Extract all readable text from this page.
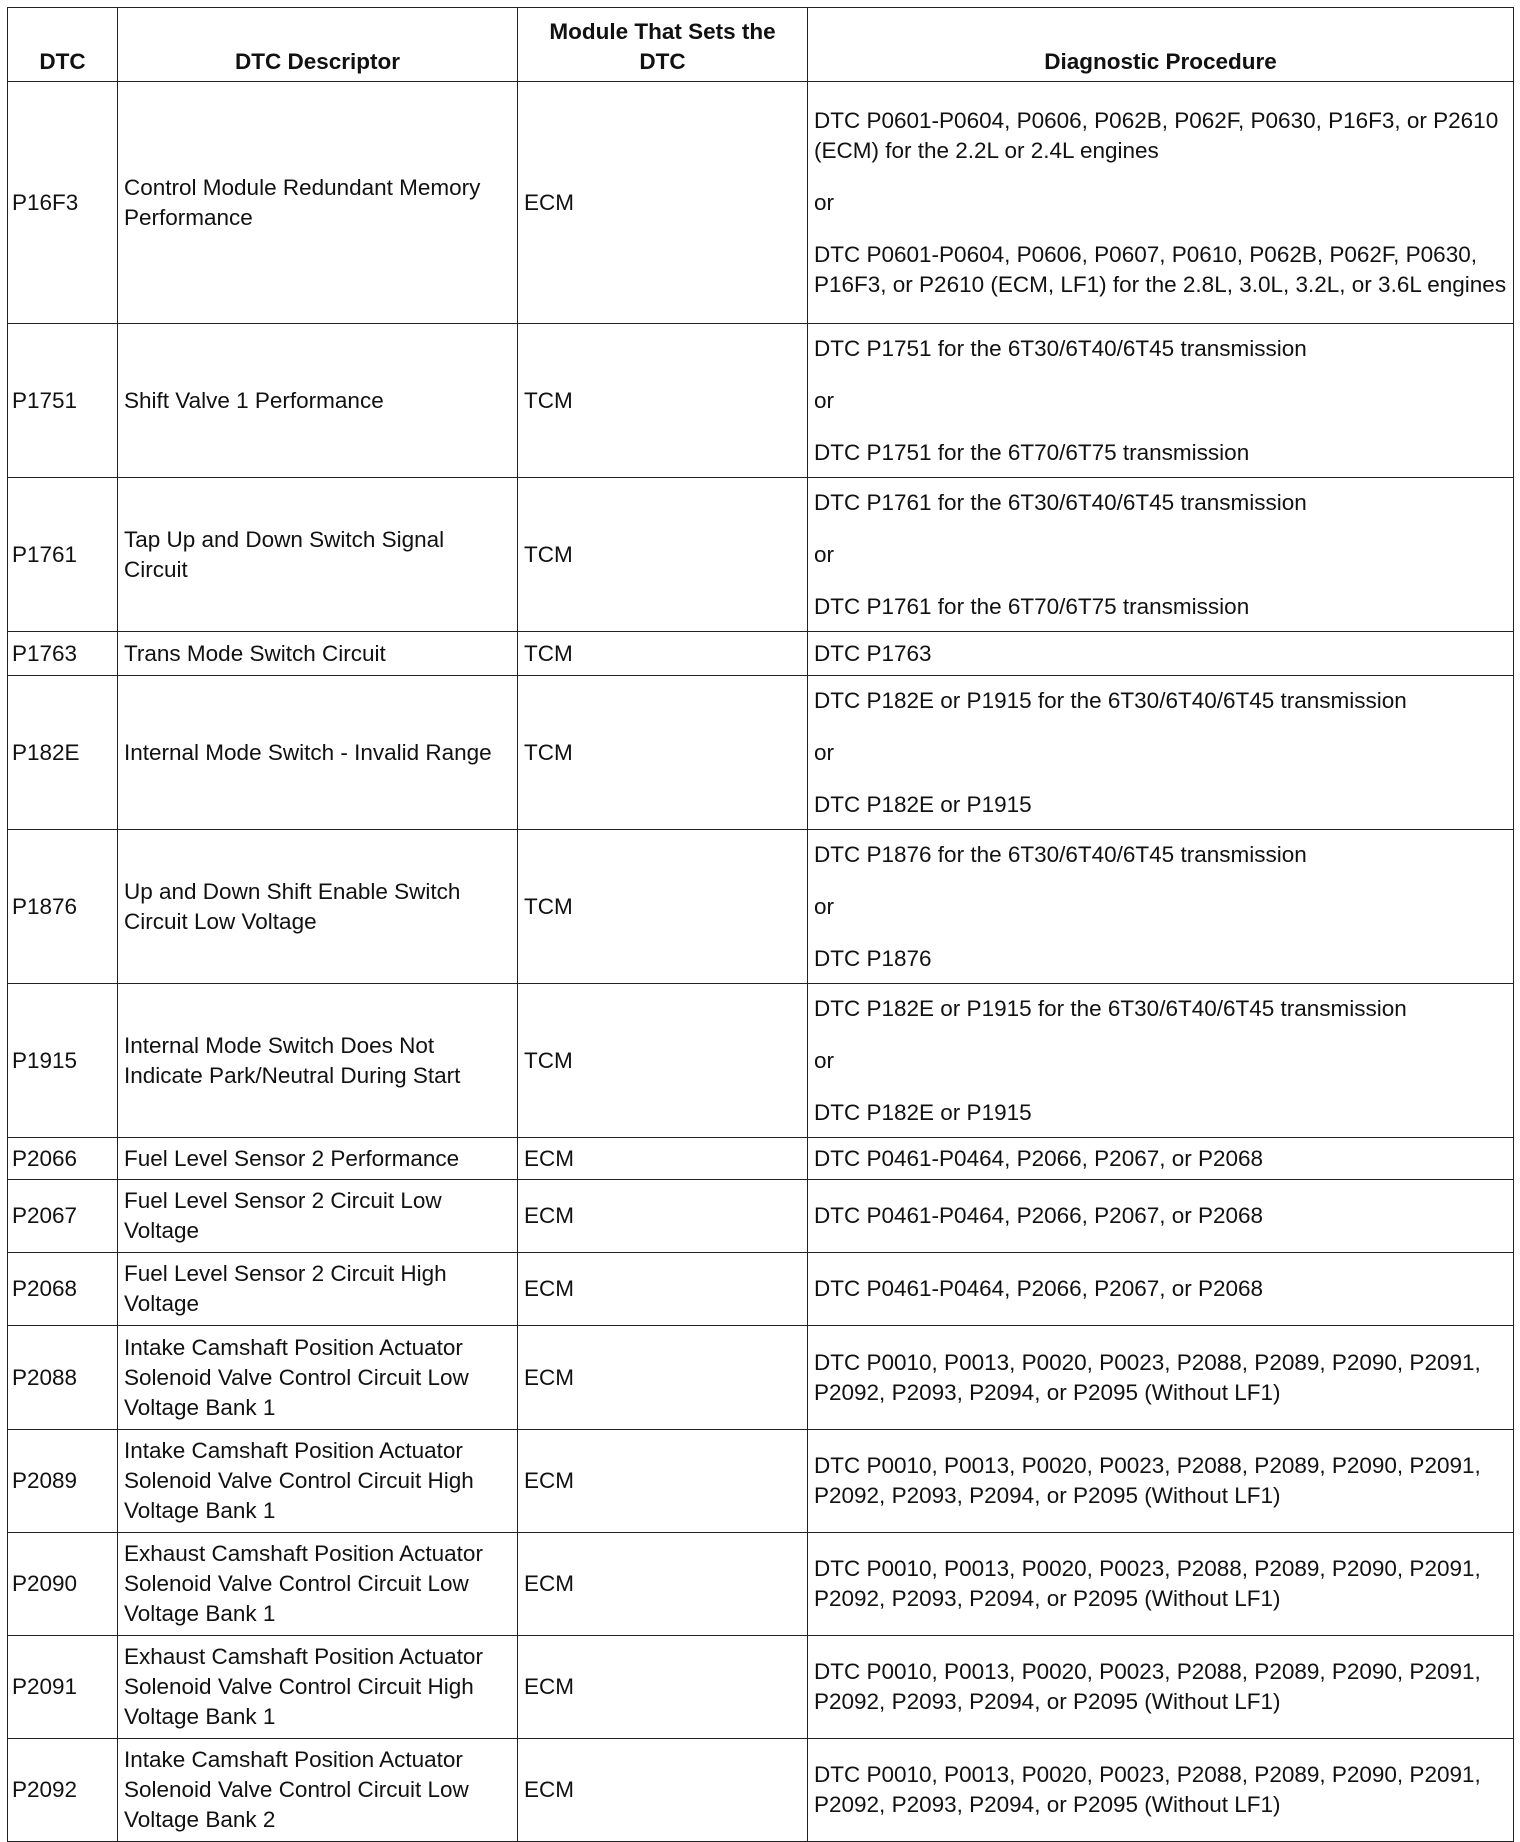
DTC	DTC Descriptor	Module That Sets the DTC	Diagnostic Procedure
P16F3	Control Module Redundant Memory Performance	ECM	DTC P0601-P0604, P0606, P062B, P062F, P0630, P16F3, or P2610 (ECM) for the 2.2L or 2.4L engines

or

DTC P0601-P0604, P0606, P0607, P0610, P062B, P062F, P0630, P16F3, or P2610 (ECM, LF1) for the 2.8L, 3.0L, 3.2L, or 3.6L engines

P1751	Shift Valve 1 Performance	TCM	DTC P1751 for the 6T30/6T40/6T45 transmission

or

DTC P1751 for the 6T70/6T75 transmission

P1761	Tap Up and Down Switch Signal Circuit	TCM	DTC P1761 for the 6T30/6T40/6T45 transmission

or

DTC P1761 for the 6T70/6T75 transmission

P1763	Trans Mode Switch Circuit	TCM	DTC P1763

P182E	Internal Mode Switch - Invalid Range	TCM	DTC P182E or P1915 for the 6T30/6T40/6T45 transmission

or

DTC P182E or P1915

P1876	Up and Down Shift Enable Switch Circuit Low Voltage	TCM	DTC P1876 for the 6T30/6T40/6T45 transmission

or

DTC P1876

P1915	Internal Mode Switch Does Not Indicate Park/Neutral During Start	TCM	DTC P182E or P1915 for the 6T30/6T40/6T45 transmission

or

DTC P182E or P1915

P2066	Fuel Level Sensor 2 Performance	ECM	DTC P0461-P0464, P2066, P2067, or P2068

P2067	Fuel Level Sensor 2 Circuit Low Voltage	ECM	DTC P0461-P0464, P2066, P2067, or P2068

P2068	Fuel Level Sensor 2 Circuit High Voltage	ECM	DTC P0461-P0464, P2066, P2067, or P2068

P2088	Intake Camshaft Position Actuator Solenoid Valve Control Circuit Low Voltage Bank 1	ECM	DTC P0010, P0013, P0020, P0023, P2088, P2089, P2090, P2091, P2092, P2093, P2094, or P2095 (Without LF1)

P2089	Intake Camshaft Position Actuator Solenoid Valve Control Circuit High Voltage Bank 1	ECM	DTC P0010, P0013, P0020, P0023, P2088, P2089, P2090, P2091, P2092, P2093, P2094, or P2095 (Without LF1)

P2090	Exhaust Camshaft Position Actuator Solenoid Valve Control Circuit Low Voltage Bank 1	ECM	DTC P0010, P0013, P0020, P0023, P2088, P2089, P2090, P2091, P2092, P2093, P2094, or P2095 (Without LF1)

P2091	Exhaust Camshaft Position Actuator Solenoid Valve Control Circuit High Voltage Bank 1	ECM	DTC P0010, P0013, P0020, P0023, P2088, P2089, P2090, P2091, P2092, P2093, P2094, or P2095 (Without LF1)

P2092	Intake Camshaft Position Actuator Solenoid Valve Control Circuit Low Voltage Bank 2	ECM	DTC P0010, P0013, P0020, P0023, P2088, P2089, P2090, P2091, P2092, P2093, P2094, or P2095 (Without LF1)
